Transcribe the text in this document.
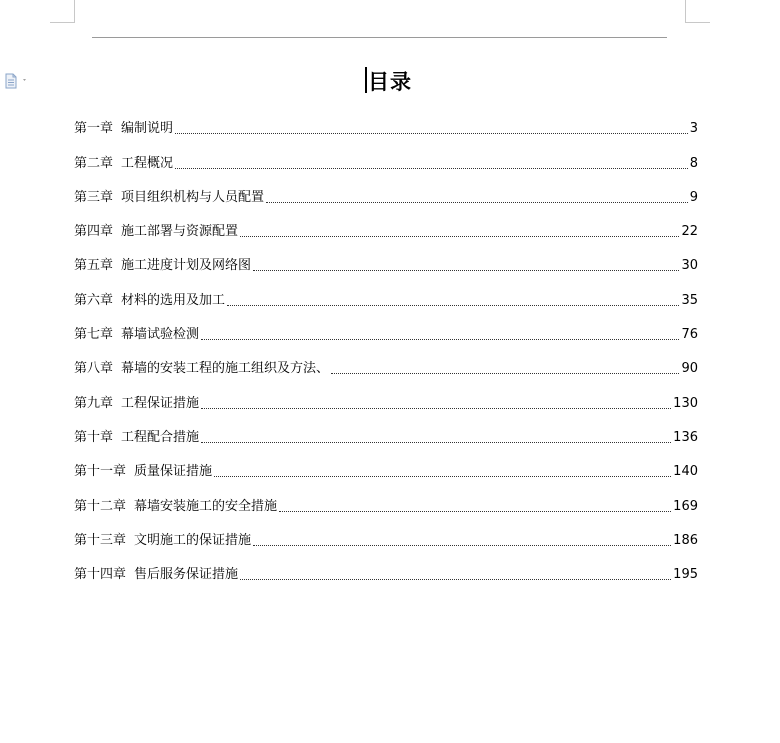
目录
第一章 编制说明	3
第二章 工程概况	8
第三章 项目组织机构与人员配置	9
第四章 施工部署与资源配置	22
第五章 施工进度计划及网络图	30
第六章 材料的选用及加工	35
第七章 幕墙试验检测	76
第八章 幕墙的安装工程的施工组织及方法、	90
第九章 工程保证措施	130
第十章 工程配合措施	136
第十一章 质量保证措施	140
第十二章 幕墙安装施工的安全措施	169
第十三章 文明施工的保证措施	186
第十四章 售后服务保证措施	195
